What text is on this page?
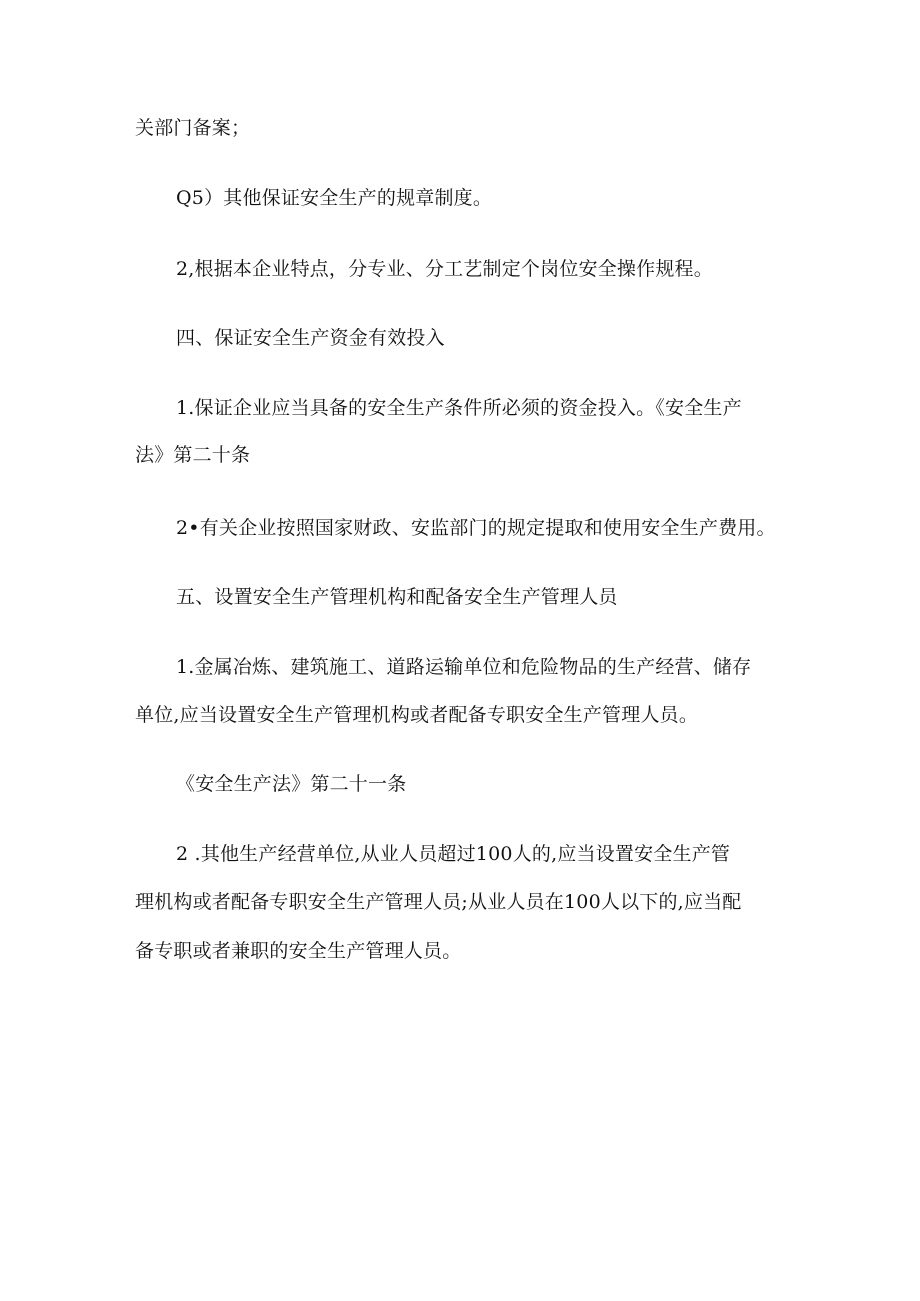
关部门备案；
Q5）其他保证安全生产的规章制度。
2,根据本企业特点，分专业、分工艺制定个岗位安全操作规程。
四、保证安全生产资金有效投入
1.保证企业应当具备的安全生产条件所必须的资金投入。《安全生产
法》第二十条
2•有关企业按照国家财政、安监部门的规定提取和使用安全生产费用。
五、设置安全生产管理机构和配备安全生产管理人员
1.金属冶炼、建筑施工、道路运输单位和危险物品的生产经营、储存
单位,应当设置安全生产管理机构或者配备专职安全生产管理人员。
《安全生产法》第二十一条
2 .其他生产经营单位,从业人员超过100人的,应当设置安全生产管
理机构或者配备专职安全生产管理人员;从业人员在100人以下的,应当配
备专职或者兼职的安全生产管理人员。
